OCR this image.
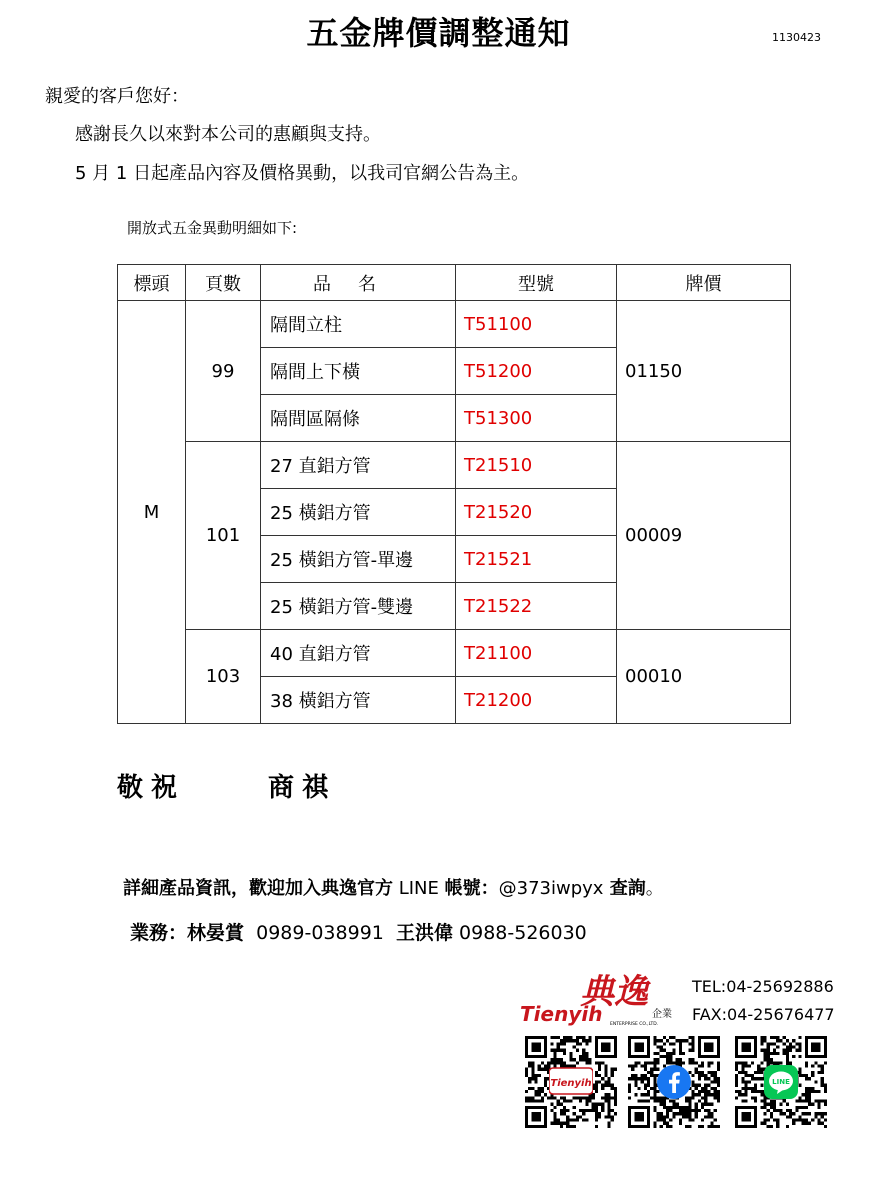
五金牌價調整通知	1130423
親愛的客戶您好：
感謝長久以來對本公司的惠顧與支持。
5 月 1 日起產品內容及價格異動，以我司官網公告為主。
開放式五金異動明細如下:
標頭	頁數	品名	型號	牌價
M	99	隔間立柱	T51100	01150
		隔間上下橫	T51200	
		隔間區隔條	T51300	
	101	27 直鋁方管	T21510	00009
		25 橫鋁方管	T21520	
		25 橫鋁方管-單邊	T21521	
		25 橫鋁方管-雙邊	T21522	
	103	40 直鋁方管	T21100	00010
		38 橫鋁方管	T21200	
敬祝	商祺
詳細產品資訊，歡迎加入典逸官方 LINE 帳號：@373iwpyx 查詢。
業務：林晏賞 0989-038991 王洪偉 0988-526030
典逸
企業
Tienyih ENTERPRISE CO.,LTD.
TEL:04-25692886
FAX:04-25676477
Tienyih	LINE
